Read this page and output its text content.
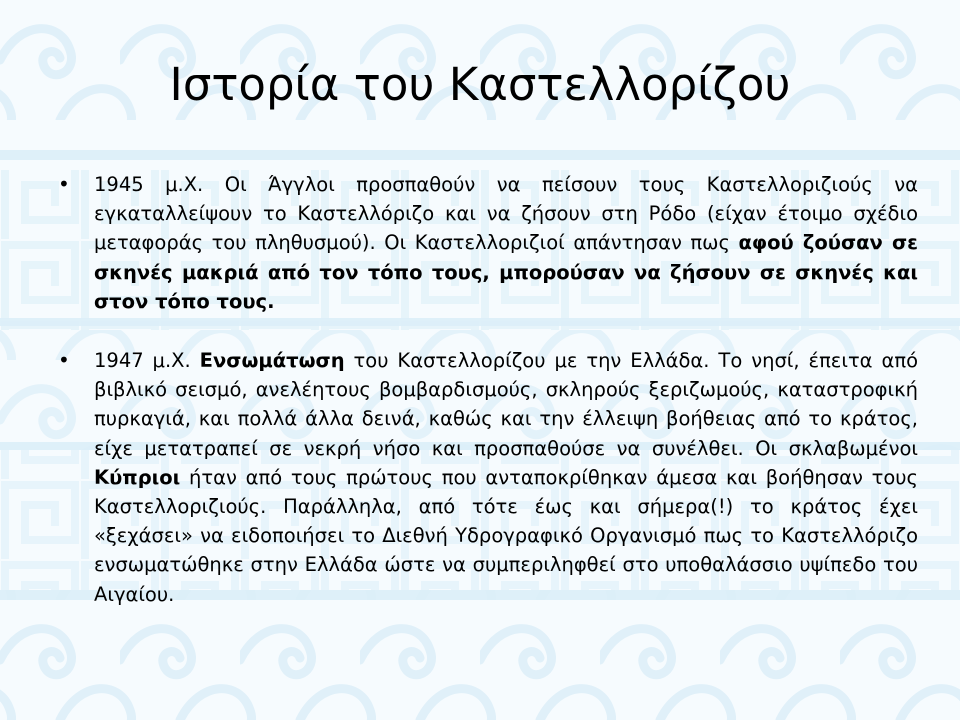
Ιστορία του Καστελλορίζου

• 1945 μ.Χ. Οι Άγγλοι προσπαθούν να πείσουν τους Καστελλοριζιούς να εγκαταλλείψουν το Καστελλόριζο και να ζήσουν στη Ρόδο (είχαν έτοιμο σχέδιο μεταφοράς του πληθυσμού). Οι Καστελλοριζιοί απάντησαν πως αφού ζούσαν σε σκηνές μακριά από τον τόπο τους, μπορούσαν να ζήσουν σε σκηνές και στον τόπο τους.

• 1947 μ.Χ. Ενσωμάτωση του Καστελλορίζου με την Ελλάδα. Το νησί, έπειτα από βιβλικό σεισμό, ανελέητους βομβαρδισμούς, σκληρούς ξεριζωμούς, καταστροφική πυρκαγιά, και πολλά άλλα δεινά, καθώς και την έλλειψη βοήθειας από το κράτος, είχε μετατραπεί σε νεκρή νήσο και προσπαθούσε να συνέλθει. Οι σκλαβωμένοι Κύπριοι ήταν από τους πρώτους που ανταποκρίθηκαν άμεσα και βοήθησαν τους Καστελλοριζιούς. Παράλληλα, από τότε έως και σήμερα(!) το κράτος έχει «ξεχάσει» να ειδοποιήσει το Διεθνή Υδρογραφικό Οργανισμό πως το Καστελλόριζο ενσωματώθηκε στην Ελλάδα ώστε να συμπεριληφθεί στο υποθαλάσσιο υψίπεδο του Αιγαίου.
